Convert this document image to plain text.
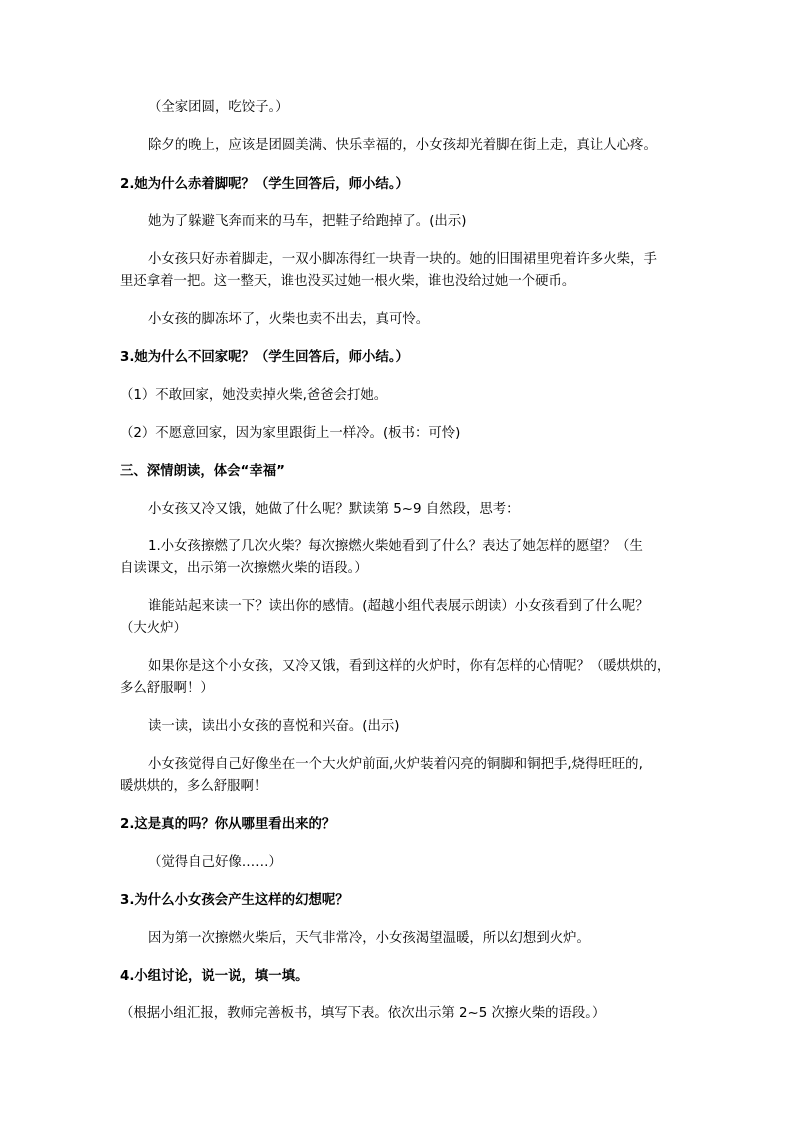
（全家团圆，吃饺子。）
除夕的晚上，应该是团圆美满、快乐幸福的，小女孩却光着脚在街上走，真让人心疼。
2.她为什么赤着脚呢？（学生回答后，师小结。）
她为了躲避飞奔而来的马车，把鞋子给跑掉了。(出示)
小女孩只好赤着脚走，一双小脚冻得红一块青一块的。她的旧围裙里兜着许多火柴，手
里还拿着一把。这一整天，谁也没买过她一根火柴，谁也没给过她一个硬币。
小女孩的脚冻坏了，火柴也卖不出去，真可怜。
3.她为什么不回家呢？（学生回答后，师小结。）
（1）不敢回家，她没卖掉火柴,爸爸会打她。
（2）不愿意回家，因为家里跟街上一样冷。(板书：可怜)
三、深情朗读，体会“幸福”
小女孩又冷又饿，她做了什么呢？默读第 5~9 自然段，思考：
1.小女孩擦燃了几次火柴？每次擦燃火柴她看到了什么？表达了她怎样的愿望？（生
自读课文，出示第一次擦燃火柴的语段。）
谁能站起来读一下？读出你的感情。(超越小组代表展示朗读）小女孩看到了什么呢？
（大火炉）
如果你是这个小女孩，又冷又饿，看到这样的火炉时，你有怎样的心情呢？（暖烘烘的，
多么舒服啊！）
读一读，读出小女孩的喜悦和兴奋。(出示)
小女孩觉得自己好像坐在一个大火炉前面,火炉装着闪亮的铜脚和铜把手,烧得旺旺的,
暖烘烘的，多么舒服啊！
2.这是真的吗？你从哪里看出来的？
（觉得自己好像……）
3.为什么小女孩会产生这样的幻想呢？
因为第一次擦燃火柴后，天气非常冷，小女孩渴望温暖，所以幻想到火炉。
4.小组讨论，说一说，填一填。
（根据小组汇报，教师完善板书，填写下表。依次出示第 2~5 次擦火柴的语段。）
